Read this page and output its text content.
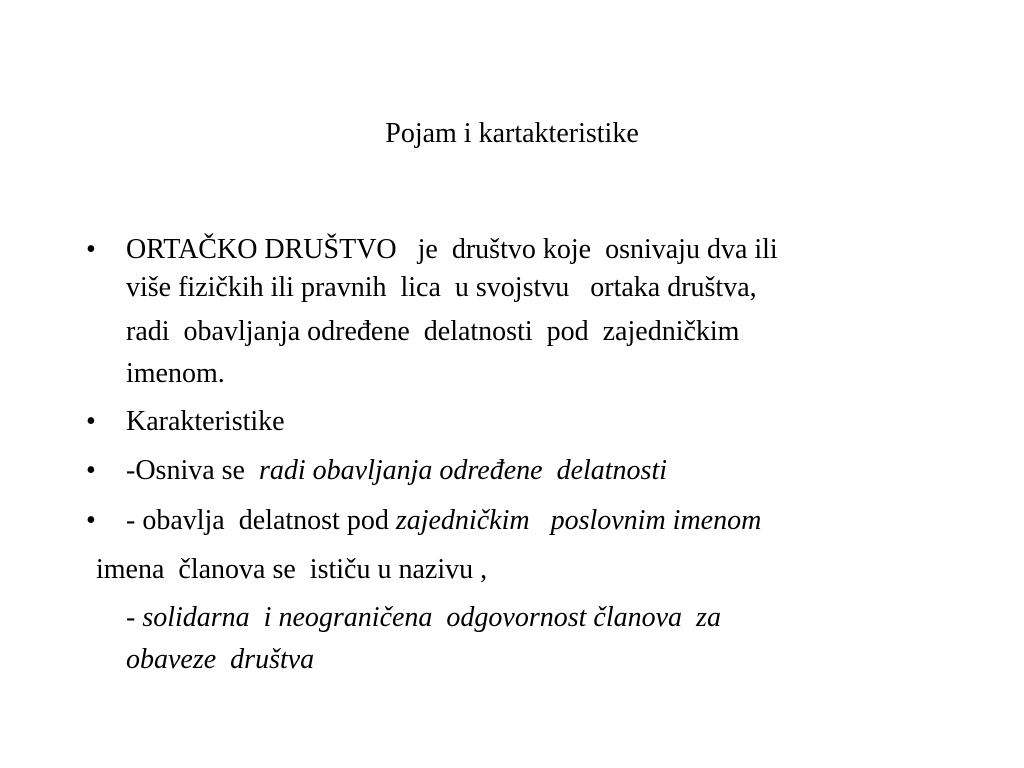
Pojam i kartakteristike
•	ORTAČKO DRUŠTVO   je  društvo koje  osnivaju dva ili
više fizičkih ili pravnih  lica  u svojstvu   ortaka društva,
radi  obavljanja određene  delatnosti  pod  zajedničkim
imenom.
•	Karakteristike
•	-Osniva se  radi obavljanja određene  delatnosti
•	- obavlja  delatnost pod zajedničkim   poslovnim imenom
imena  članova se  ističu u nazivu ,
- solidarna  i neograničena  odgovornost članova  za
obaveze  društva
